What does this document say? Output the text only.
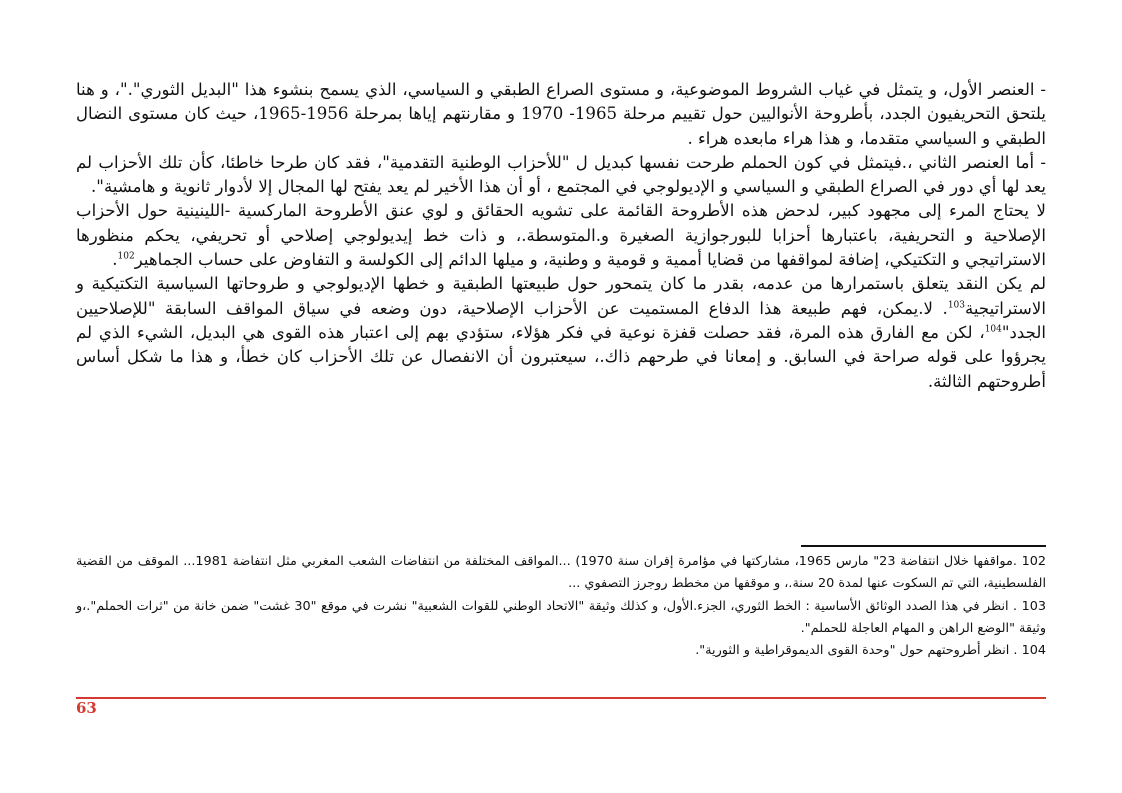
- العنصر الأول، و يتمثل في غياب الشروط الموضوعية، و مستوى الصراع الطبقي و السياسي، الذي يسمح بنشوء هذا "البديل الثوري"."، و هنا يلتحق التحريفيون الجدد، بأطروحة الأنواليين حول تقييم مرحلة 1965- 1970 و مقارنتهم إياها بمرحلة 1956-1965، حيث كان مستوى النضال الطبقي و السياسي متقدما، و هذا هراء مابعده هراء .

- أما العنصر الثاني ،.فيتمثل في كون الحملم طرحت نفسها كبديل ل "للأحزاب الوطنية التقدمية"، فقد كان طرحا خاطئا، كأن تلك الأحزاب لم يعد لها أي دور في الصراع الطبقي و السياسي و الإديولوجي في المجتمع ، أو أن هذا الأخير لم يعد يفتح لها المجال إلا لأدوار ثانوية و هامشية".

لا يحتاج المرء إلى مجهود كبير، لدحض هذه الأطروحة القائمة على تشويه الحقائق و لوي عنق الأطروحة الماركسية -اللينينية حول الأحزاب الإصلاحية و التحريفية، باعتبارها أحزابا للبورجوازية الصغيرة و.المتوسطة.، و ذات خط إيديولوجي إصلاحي أو تحريفي، يحكم منظورها الاستراتيجي و التكتيكي، إضافة لمواقفها من قضايا أممية و قومية و وطنية، و ميلها الدائم إلى الكولسة و التفاوض على حساب الجماهير$^{102}$.

لم يكن النقد يتعلق باستمرارها من عدمه، بقدر ما كان يتمحور حول طبيعتها الطبقية و خطها الإديولوجي و طروحاتها السياسية التكتيكية و الاستراتيجية$^{103}$. لا.يمكن، فهم طبيعة هذا الدفاع المستميت عن الأحزاب الإصلاحية، دون وضعه في سياق المواقف السابقة "للإصلاحيين الجدد"$^{104}$، لكن مع الفارق هذه المرة، فقد حصلت قفزة نوعية في فكر هؤلاء، ستؤدي بهم إلى اعتبار هذه القوى هي البديل، الشيء الذي لم يجرؤوا على قوله صراحة في السابق. و إمعانا في طرحهم ذاك.، سيعتبرون أن الانفصال عن تلك الأحزاب كان خطأ، و هذا ما شكل أساس أطروحتهم الثالثة.

102 .مواقفها خلال انتفاضة 23" مارس 1965، مشاركتها في مؤامرة إفران سنة 1970) ...المواقف المختلفة من انتفاضات الشعب المغربي مثل انتفاضة 1981... الموقف من القضية الفلسطينية، التي تم السكوت عنها لمدة 20 سنة.، و موقفها من مخطط روجرز التصفوي ...

103 . انظر في هذا الصدد الوثائق الأساسية : الخط الثوري، الجزء.الأول، و كذلك وثيقة "الاتحاد الوطني للقوات الشعبية" نشرت في موقع "30 غشت" ضمن خانة من "ثرات الحملم".،و وثيقة "الوضع الراهن و المهام العاجلة للحملم".

104 . انظر أطروحتهم حول "وحدة القوى الديموقراطية و الثورية".

63
